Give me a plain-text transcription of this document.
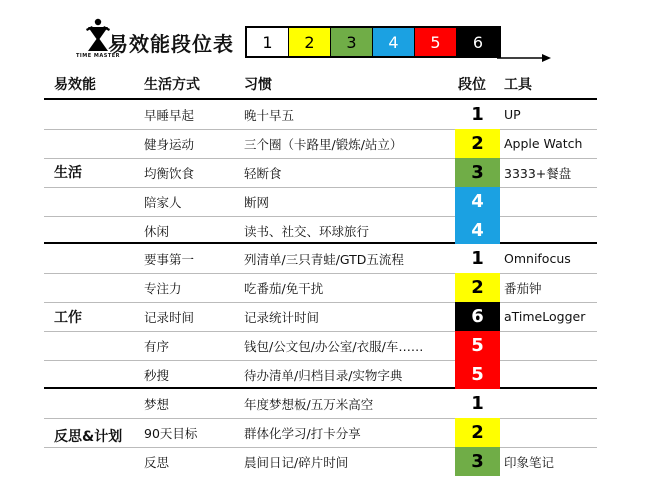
TIME MASTER
易效能段位表	1	2	3	4	5	6
易效能	生活方式	习惯	段位 工具
生活
早睡早起	晚十早五	1	UP
健身运动	三个圈（卡路里/锻炼/站立）	2	Apple Watch
均衡饮食	轻断食	3	3333+餐盘
陪家人	断网	4
休闲	读书、社交、环球旅行	4
工作
要事第一	列清单/三只青蛙/GTD五流程	1	Omnifocus
专注力	吃番茄/免干扰	2	番茄钟
记录时间	记录统计时间	6	aTimeLogger
有序	钱包/公文包/办公室/衣服/车……	5
秒搜	待办清单/归档目录/实物字典	5
反思&计划
梦想	年度梦想板/五万米高空	1
90天目标	群体化学习/打卡分享	2
反思	晨间日记/碎片时间	3	印象笔记
